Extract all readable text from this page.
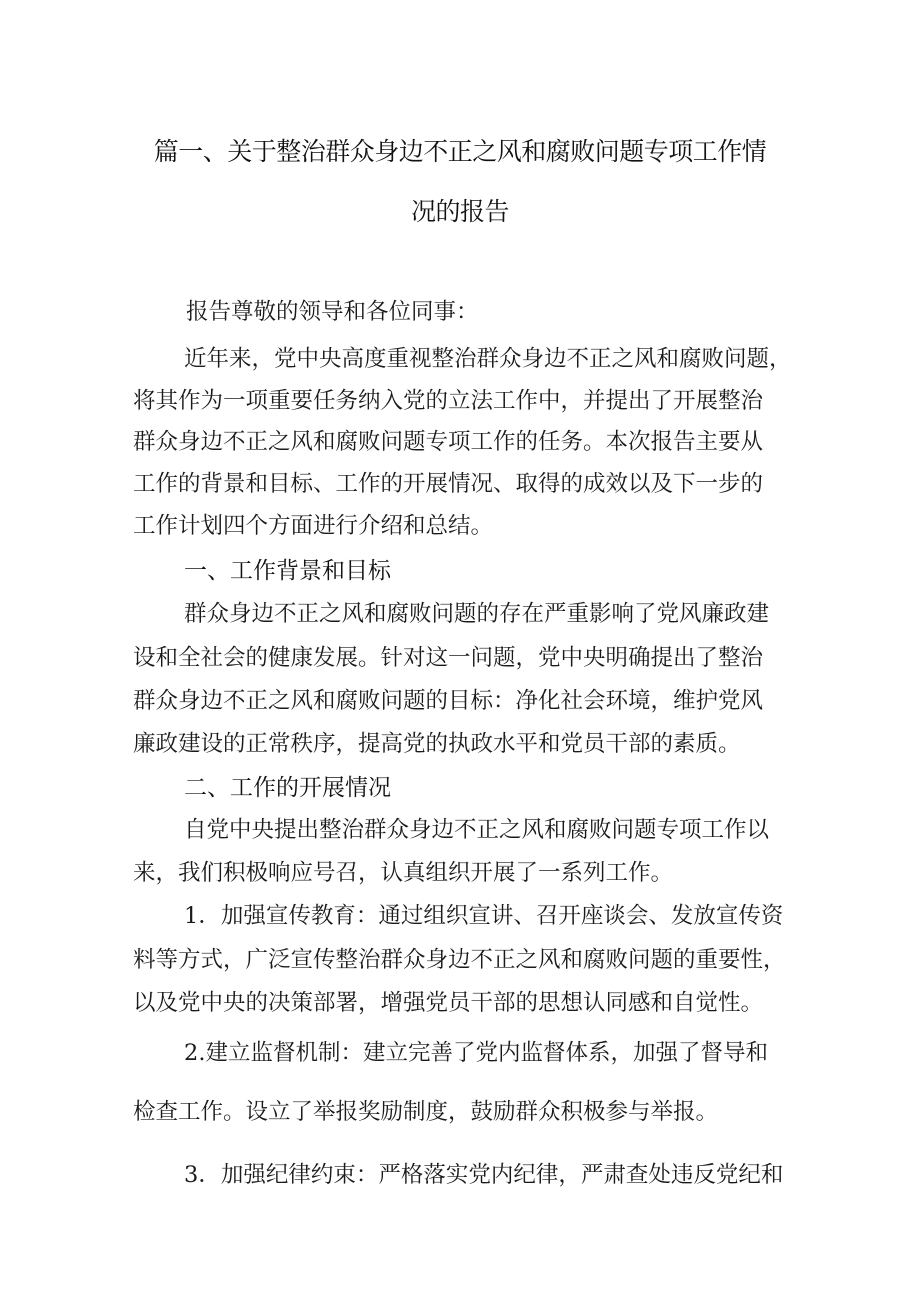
篇一、关于整治群众身边不正之风和腐败问题专项工作情
况的报告
报告尊敬的领导和各位同事：
近年来，党中央高度重视整治群众身边不正之风和腐败问题，
将其作为一项重要任务纳入党的立法工作中，并提出了开展整治
群众身边不正之风和腐败问题专项工作的任务。本次报告主要从
工作的背景和目标、工作的开展情况、取得的成效以及下一步的
工作计划四个方面进行介绍和总结。
一、工作背景和目标
群众身边不正之风和腐败问题的存在严重影响了党风廉政建
设和全社会的健康发展。针对这一问题，党中央明确提出了整治
群众身边不正之风和腐败问题的目标：净化社会环境，维护党风
廉政建设的正常秩序，提高党的执政水平和党员干部的素质。
二、工作的开展情况
自党中央提出整治群众身边不正之风和腐败问题专项工作以
来，我们积极响应号召，认真组织开展了一系列工作。
1．加强宣传教育：通过组织宣讲、召开座谈会、发放宣传资
料等方式，广泛宣传整治群众身边不正之风和腐败问题的重要性，
以及党中央的决策部署，增强党员干部的思想认同感和自觉性。
2.建立监督机制：建立完善了党内监督体系，加强了督导和
检查工作。设立了举报奖励制度，鼓励群众积极参与举报。
3．加强纪律约束：严格落实党内纪律，严肃查处违反党纪和
